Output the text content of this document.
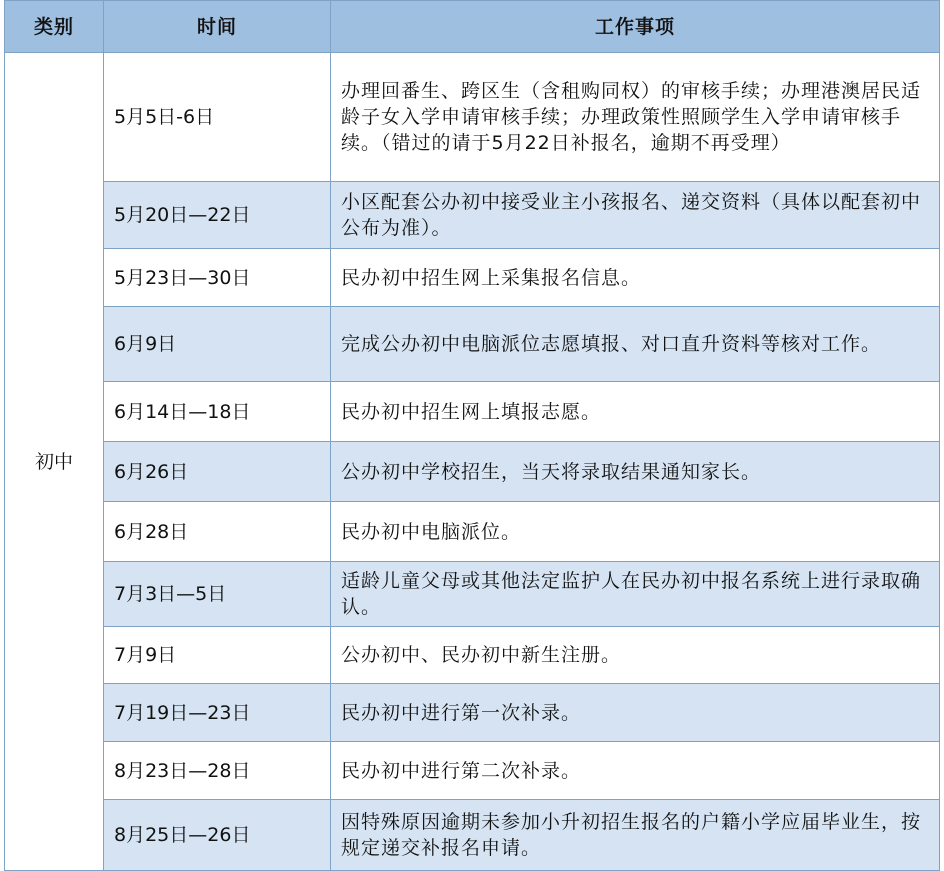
类别	时间	工作事项
初中	5月5日-6日	办理回番生、跨区生（含租购同权）的审核手续；办理港澳居民适龄子女入学申请审核手续；办理政策性照顾学生入学申请审核手续。（错过的请于5月22日补报名，逾期不再受理）
	5月20日—22日	小区配套公办初中接受业主小孩报名、递交资料（具体以配套初中公布为准）。
	5月23日—30日	民办初中招生网上采集报名信息。
	6月9日	完成公办初中电脑派位志愿填报、对口直升资料等核对工作。
	6月14日—18日	民办初中招生网上填报志愿。
	6月26日	公办初中学校招生，当天将录取结果通知家长。
	6月28日	民办初中电脑派位。
	7月3日—5日	适龄儿童父母或其他法定监护人在民办初中报名系统上进行录取确认。
	7月9日	公办初中、民办初中新生注册。
	7月19日—23日	民办初中进行第一次补录。
	8月23日—28日	民办初中进行第二次补录。
	8月25日—26日	因特殊原因逾期未参加小升初招生报名的户籍小学应届毕业生，按规定递交补报名申请。
